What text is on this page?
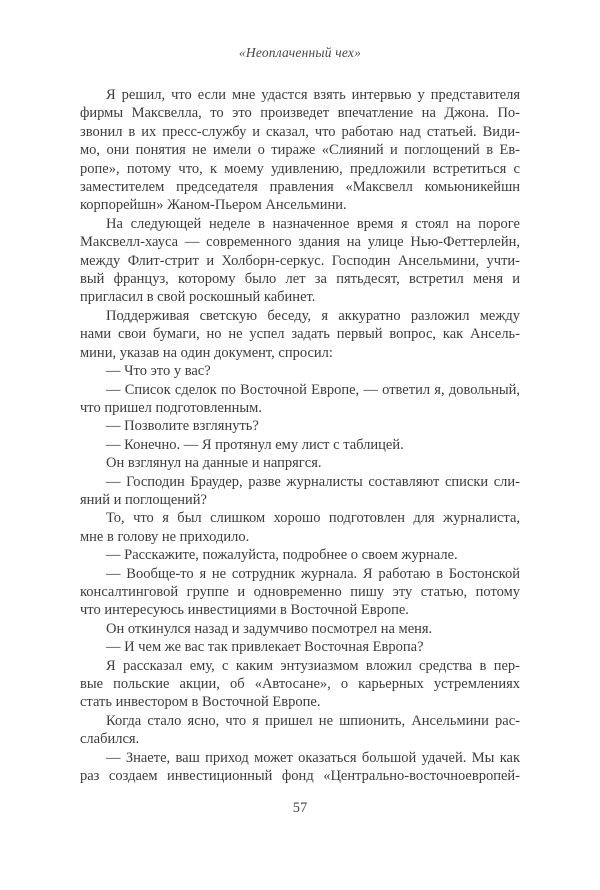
«Неоплаченный чех»
Я решил, что если мне удастся взять интервью у представителя
фирмы Максвелла, то это произведет впечатление на Джона. По-
звонил в их пресс-службу и сказал, что работаю над статьей. Види-
мо, они понятия не имели о тираже «Слияний и поглощений в Ев-
ропе», потому что, к моему удивлению, предложили встретиться с
заместителем председателя правления «Максвелл комьюникейшн
корпорейшн» Жаном-Пьером Ансельмини.
На следующей неделе в назначенное время я стоял на пороге
Максвелл-хауса — современного здания на улице Нью-Феттерлейн,
между Флит-стрит и Холборн-серкус. Господин Ансельмини, учти-
вый француз, которому было лет за пятьдесят, встретил меня и
пригласил в свой роскошный кабинет.
Поддерживая светскую беседу, я аккуратно разложил между
нами свои бумаги, но не успел задать первый вопрос, как Ансель-
мини, указав на один документ, спросил:
— Что это у вас?
— Список сделок по Восточной Европе, — ответил я, довольный,
что пришел подготовленным.
— Позволите взглянуть?
— Конечно. — Я протянул ему лист с таблицей.
Он взглянул на данные и напрягся.
— Господин Браудер, разве журналисты составляют списки сли-
яний и поглощений?
То, что я был слишком хорошо подготовлен для журналиста,
мне в голову не приходило.
— Расскажите, пожалуйста, подробнее о своем журнале.
— Вообще-то я не сотрудник журнала. Я работаю в Бостонской
консалтинговой группе и одновременно пишу эту статью, потому
что интересуюсь инвестициями в Восточной Европе.
Он откинулся назад и задумчиво посмотрел на меня.
— И чем же вас так привлекает Восточная Европа?
Я рассказал ему, с каким энтузиазмом вложил средства в пер-
вые польские акции, об «Автосане», о карьерных устремлениях
стать инвестором в Восточной Европе.
Когда стало ясно, что я пришел не шпионить, Ансельмини рас-
слабился.
— Знаете, ваш приход может оказаться большой удачей. Мы как
раз создаем инвестиционный фонд «Центрально-восточноевропей-
57
